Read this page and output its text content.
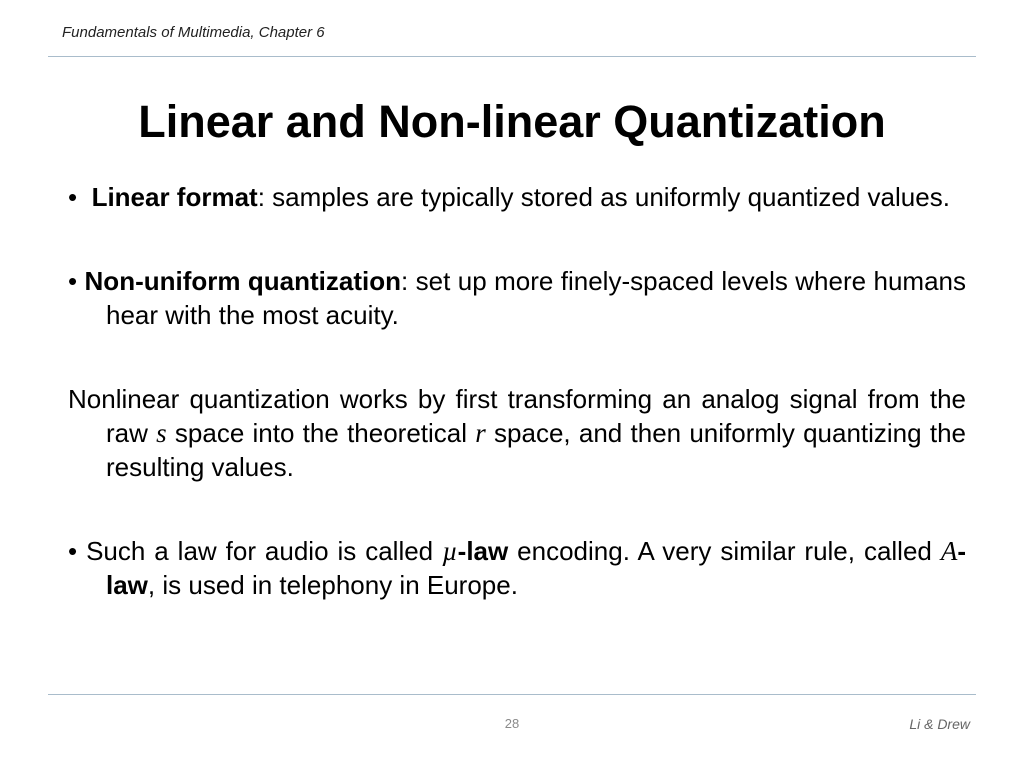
Fundamentals of Multimedia, Chapter 6
Linear and Non-linear Quantization

• Linear format: samples are typically stored as uniformly quantized values.

• Non-uniform quantization: set up more finely-spaced levels where humans hear with the most acuity.

Nonlinear quantization works by first transforming an analog signal from the raw s space into the theoretical r space, and then uniformly quantizing the resulting values.

• Such a law for audio is called µ-law encoding. A very similar rule, called A-law, is used in telephony in Europe.

28	Li & Drew
